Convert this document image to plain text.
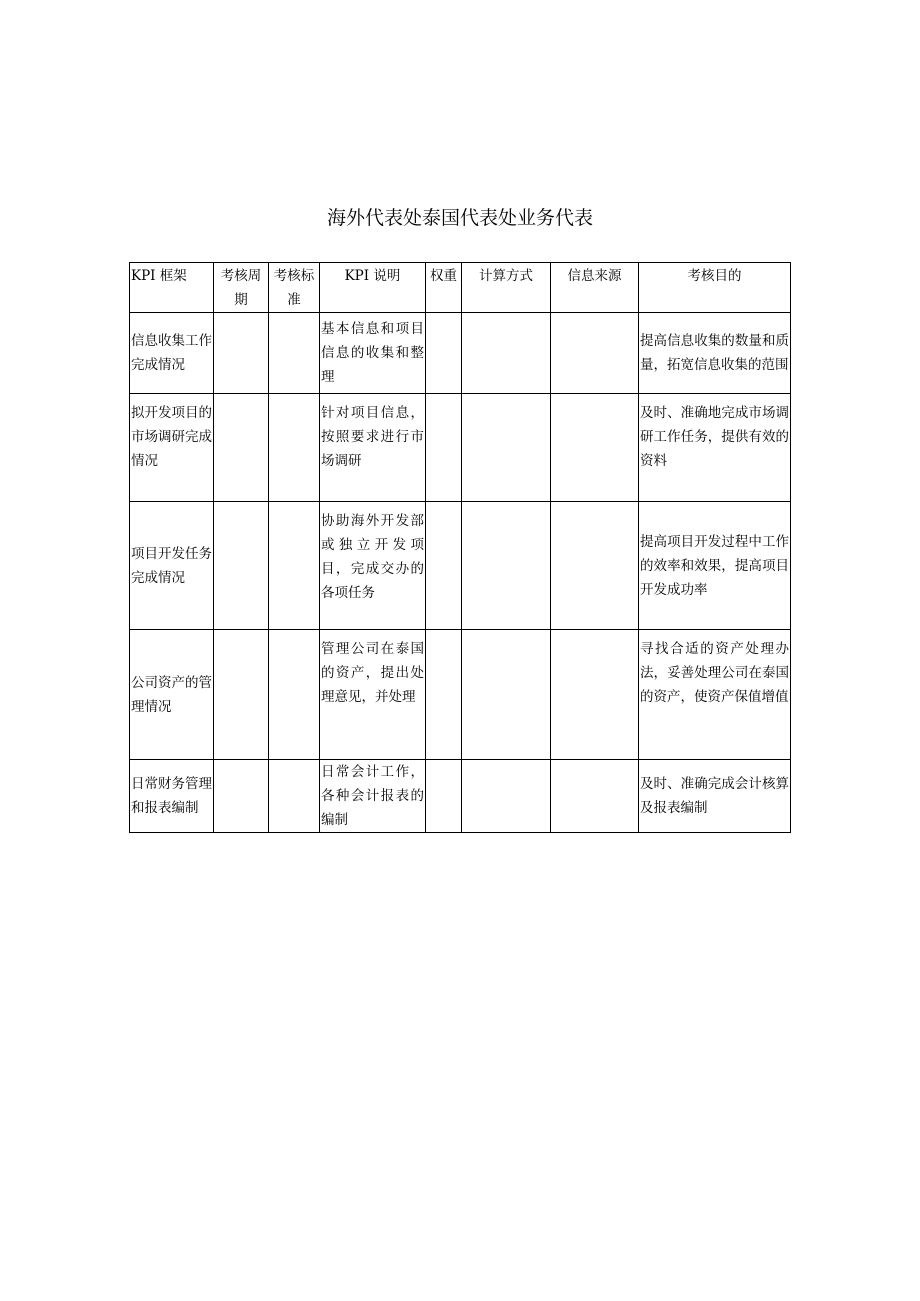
海外代表处泰国代表处业务代表
KPI 框架	考核周期	考核标准	KPI 说明	权重	计算方式	信息来源	考核目的
信息收集工作完成情况			基本信息和项目信息的收集和整理				提高信息收集的数量和质量，拓宽信息收集的范围
拟开发项目的市场调研完成情况			针对项目信息，按照要求进行市场调研				及时、准确地完成市场调研工作任务，提供有效的资料
项目开发任务完成情况			协助海外开发部或独立开发项目，完成交办的各项任务				提高项目开发过程中工作的效率和效果，提高项目开发成功率
公司资产的管理情况			管理公司在泰国的资产，提出处理意见，并处理				寻找合适的资产处理办法，妥善处理公司在泰国的资产，使资产保值增值
日常财务管理和报表编制			日常会计工作，各种会计报表的编制				及时、准确完成会计核算及报表编制
